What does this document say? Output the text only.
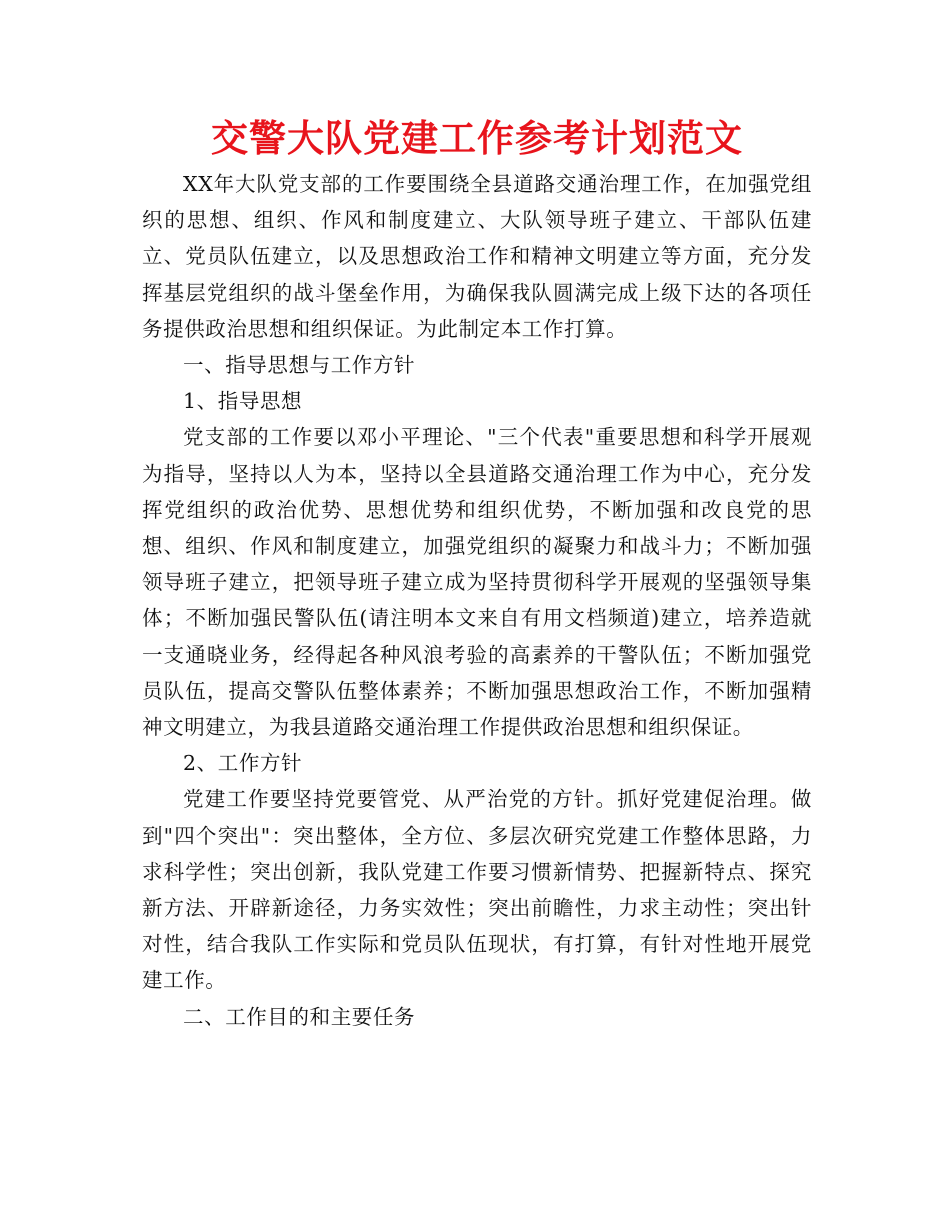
交警大队党建工作参考计划范文

XX年大队党支部的工作要围绕全县道路交通治理工作，在加强党组织的思想、组织、作风和制度建立、大队领导班子建立、干部队伍建立、党员队伍建立，以及思想政治工作和精神文明建立等方面，充分发挥基层党组织的战斗堡垒作用，为确保我队圆满完成上级下达的各项任务提供政治思想和组织保证。为此制定本工作打算。

一、指导思想与工作方针

1、指导思想

党支部的工作要以邓小平理论、"三个代表"重要思想和科学开展观为指导，坚持以人为本，坚持以全县道路交通治理工作为中心，充分发挥党组织的政治优势、思想优势和组织优势，不断加强和改良党的思想、组织、作风和制度建立，加强党组织的凝聚力和战斗力；不断加强领导班子建立，把领导班子建立成为坚持贯彻科学开展观的坚强领导集体；不断加强民警队伍(请注明本文来自有用文档频道)建立，培养造就一支通晓业务，经得起各种风浪考验的高素养的干警队伍；不断加强党员队伍，提高交警队伍整体素养；不断加强思想政治工作，不断加强精神文明建立，为我县道路交通治理工作提供政治思想和组织保证。

2、工作方针

党建工作要坚持党要管党、从严治党的方针。抓好党建促治理。做到"四个突出"：突出整体，全方位、多层次研究党建工作整体思路，力求科学性；突出创新，我队党建工作要习惯新情势、把握新特点、探究新方法、开辟新途径，力务实效性；突出前瞻性，力求主动性；突出针对性，结合我队工作实际和党员队伍现状，有打算，有针对性地开展党建工作。

二、工作目的和主要任务
